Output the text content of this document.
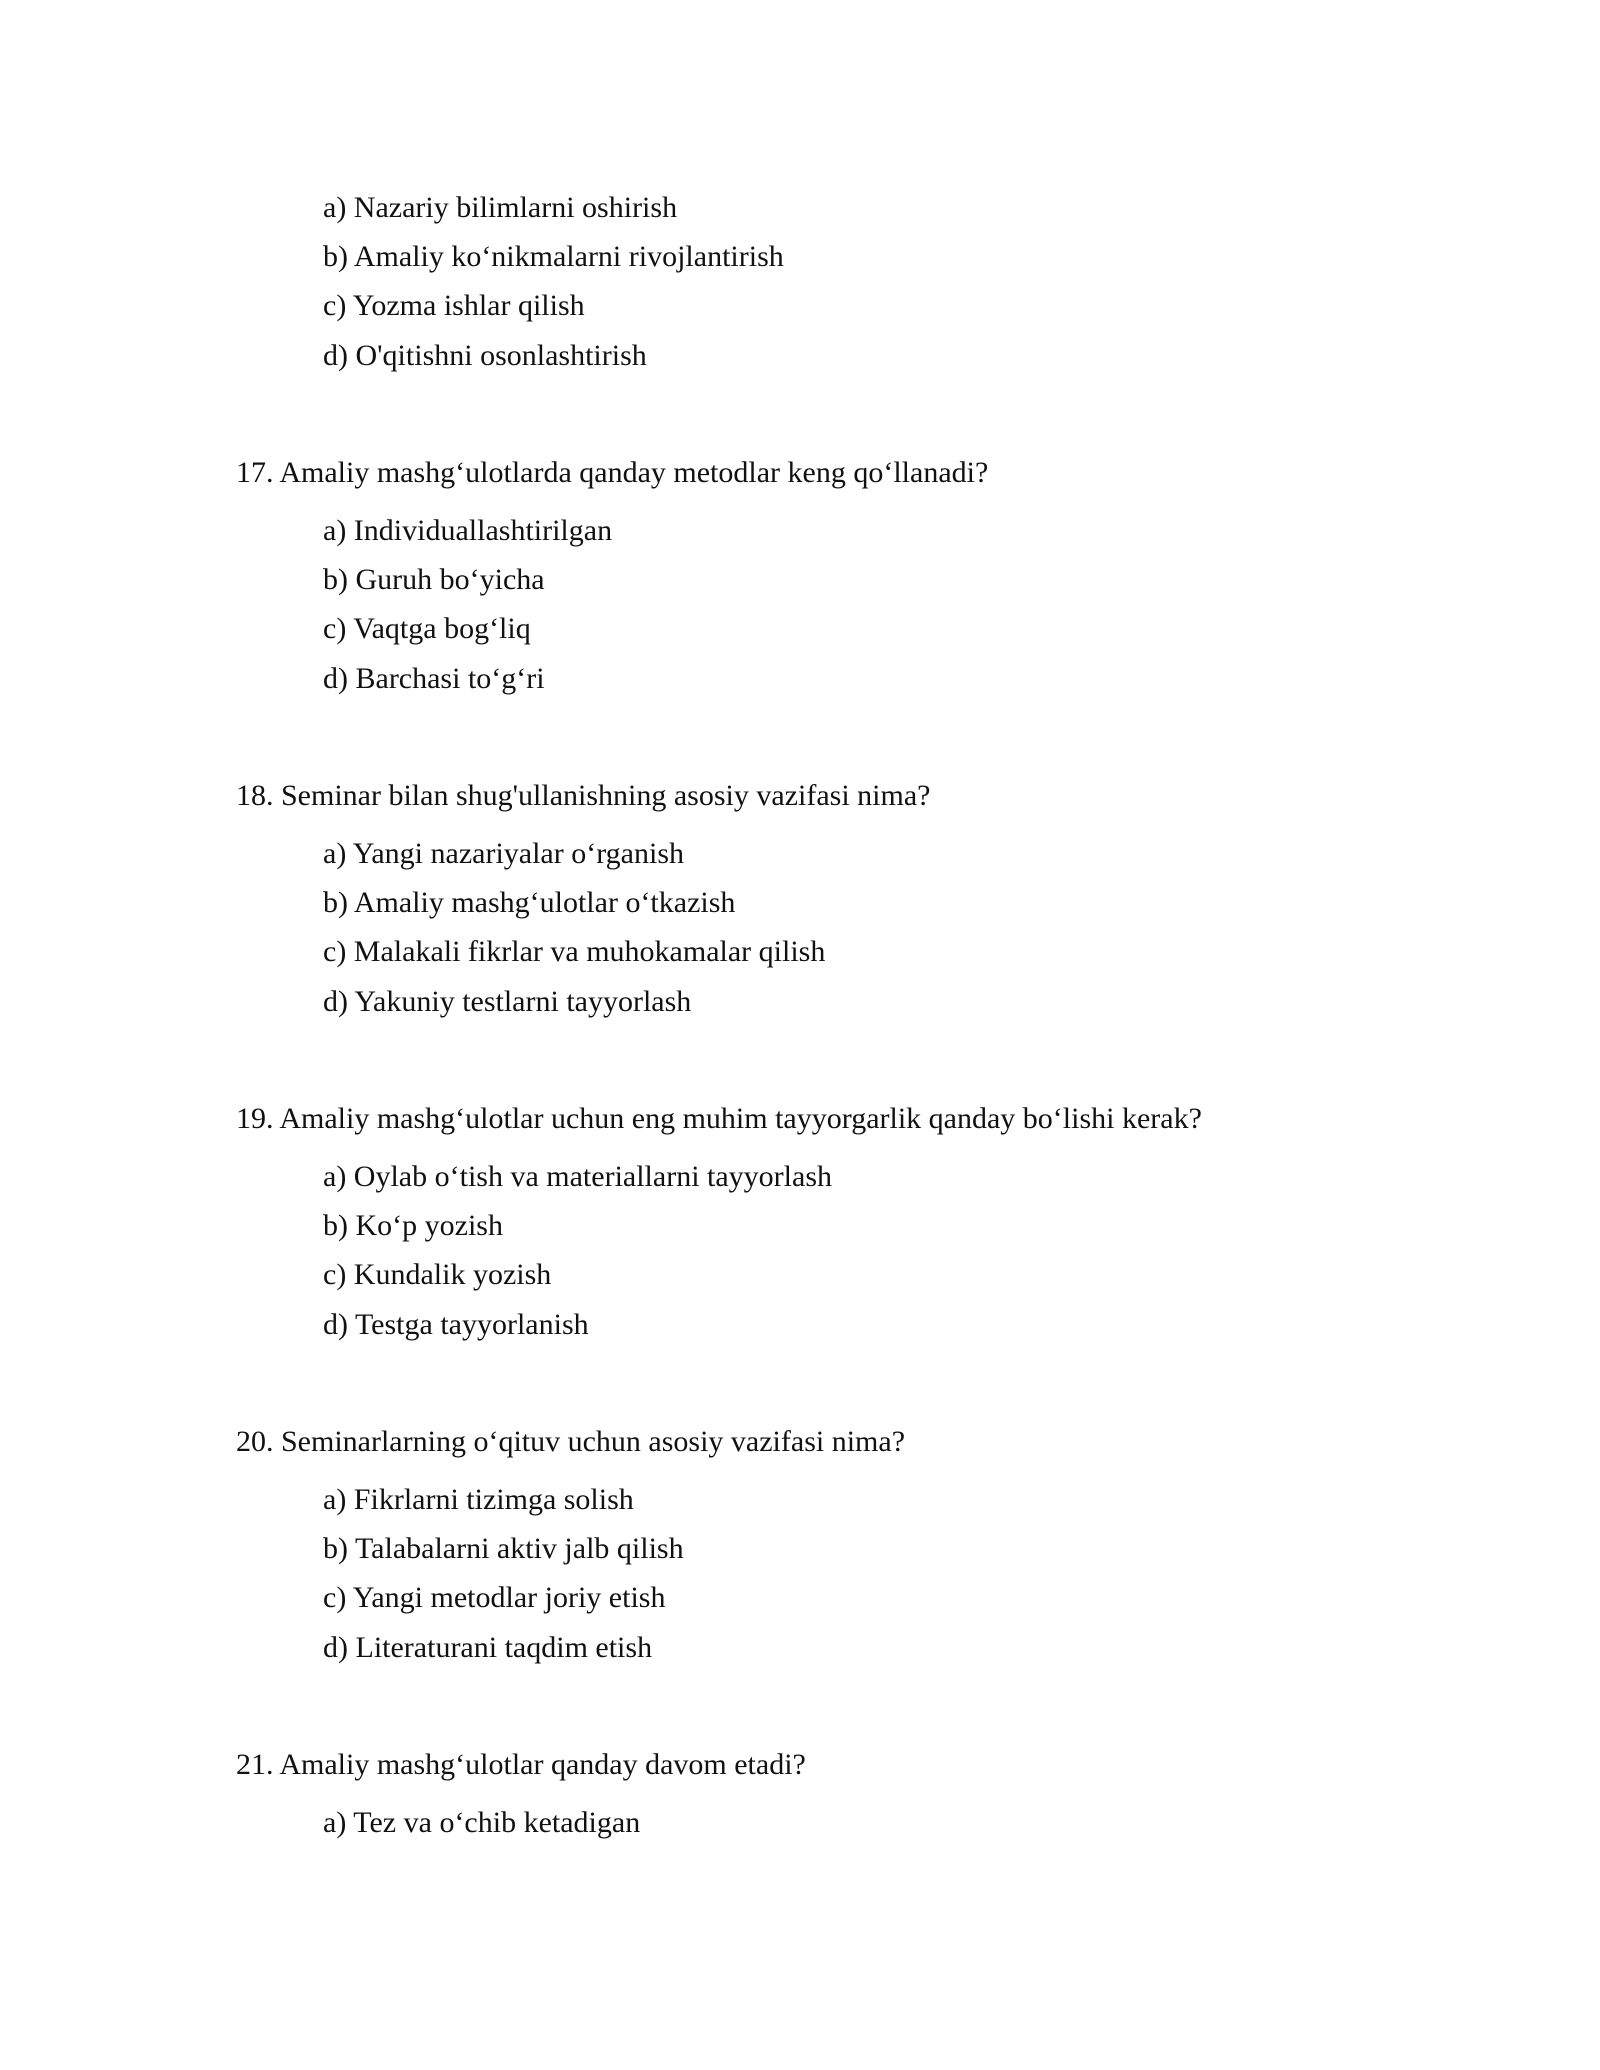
a) Nazariy bilimlarni oshirish
b) Amaliy ko‘nikmalarni rivojlantirish
c) Yozma ishlar qilish
d) O'qitishni osonlashtirish
17. Amaliy mashg‘ulotlarda qanday metodlar keng qo‘llanadi?
a) Individuallashtirilgan
b) Guruh bo‘yicha
c) Vaqtga bog‘liq
d) Barchasi to‘g‘ri
18. Seminar bilan shug'ullanishning asosiy vazifasi nima?
a) Yangi nazariyalar o‘rganish
b) Amaliy mashg‘ulotlar o‘tkazish
c) Malakali fikrlar va muhokamalar qilish
d) Yakuniy testlarni tayyorlash
19. Amaliy mashg‘ulotlar uchun eng muhim tayyorgarlik qanday bo‘lishi kerak?
a) Oylab o‘tish va materiallarni tayyorlash
b) Ko‘p yozish
c) Kundalik yozish
d) Testga tayyorlanish
20. Seminarlarning o‘qituv uchun asosiy vazifasi nima?
a) Fikrlarni tizimga solish
b) Talabalarni aktiv jalb qilish
c) Yangi metodlar joriy etish
d) Literaturani taqdim etish
21. Amaliy mashg‘ulotlar qanday davom etadi?
a) Tez va o‘chib ketadigan
